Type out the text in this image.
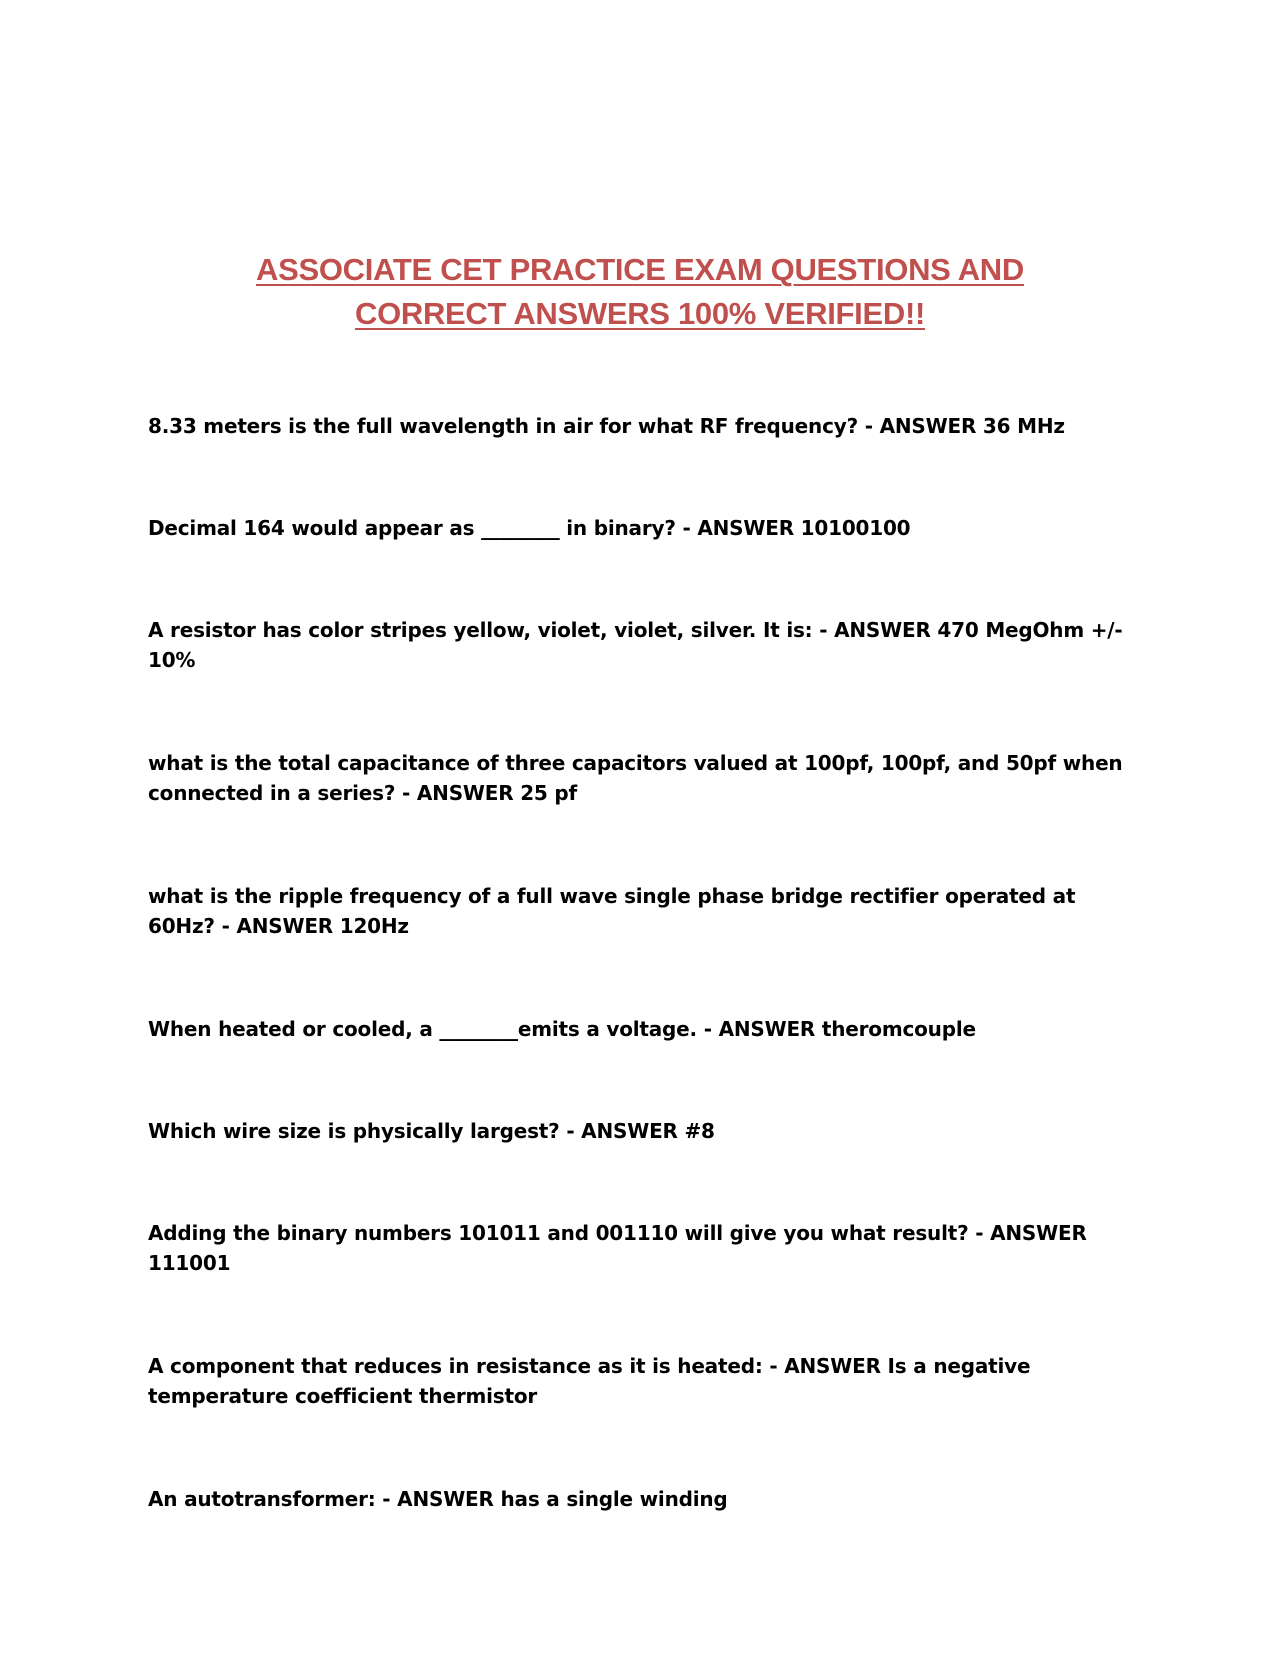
ASSOCIATE CET PRACTICE EXAM QUESTIONS AND
CORRECT ANSWERS 100% VERIFIED!!

8.33 meters is the full wavelength in air for what RF frequency? - ANSWER 36 MHz

Decimal 164 would appear as ________ in binary? - ANSWER 10100100

A resistor has color stripes yellow, violet, violet, silver. It is: - ANSWER 470 MegOhm +/- 10%

what is the total capacitance of three capacitors valued at 100pf, 100pf, and 50pf when connected in a series? - ANSWER 25 pf

what is the ripple frequency of a full wave single phase bridge rectifier operated at 60Hz? - ANSWER 120Hz

When heated or cooled, a ________emits a voltage. - ANSWER theromcouple

Which wire size is physically largest? - ANSWER #8

Adding the binary numbers 101011 and 001110 will give you what result? - ANSWER 111001

A component that reduces in resistance as it is heated: - ANSWER Is a negative temperature coefficient thermistor

An autotransformer: - ANSWER has a single winding
